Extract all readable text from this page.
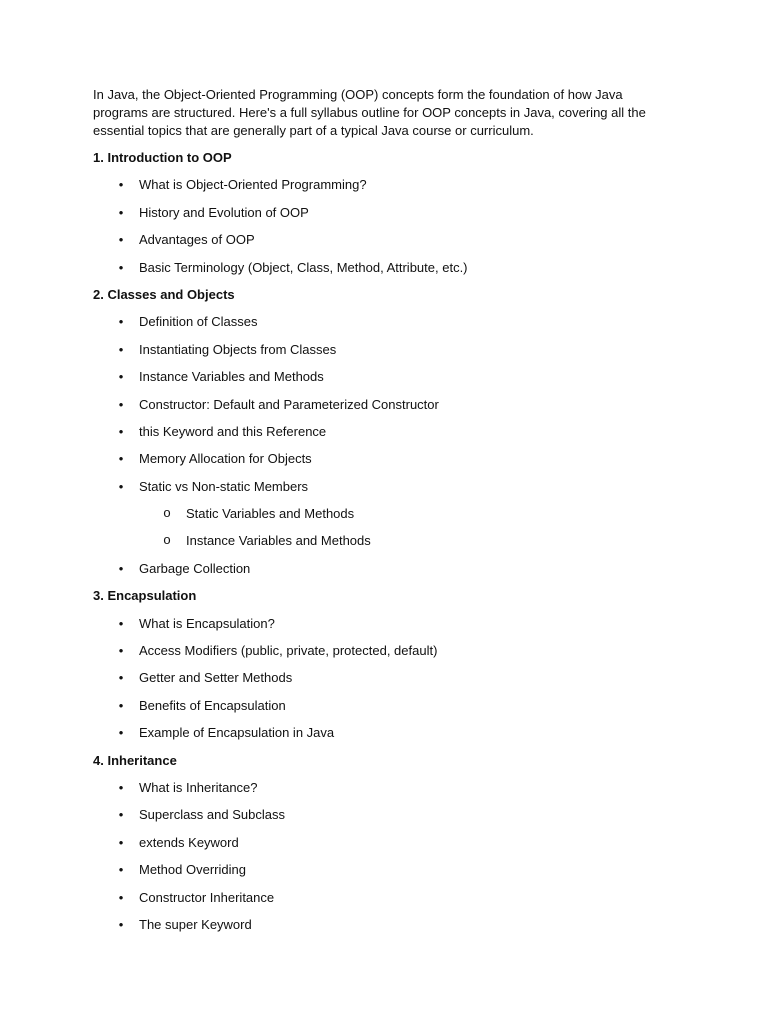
In Java, the Object-Oriented Programming (OOP) concepts form the foundation of how Java programs are structured. Here's a full syllabus outline for OOP concepts in Java, covering all the essential topics that are generally part of a typical Java course or curriculum.

1. Introduction to OOP

• What is Object-Oriented Programming?
• History and Evolution of OOP
• Advantages of OOP
• Basic Terminology (Object, Class, Method, Attribute, etc.)

2. Classes and Objects

• Definition of Classes
• Instantiating Objects from Classes
• Instance Variables and Methods
• Constructor: Default and Parameterized Constructor
• this Keyword and this Reference
• Memory Allocation for Objects
• Static vs Non-static Members
o Static Variables and Methods
o Instance Variables and Methods
• Garbage Collection

3. Encapsulation

• What is Encapsulation?
• Access Modifiers (public, private, protected, default)
• Getter and Setter Methods
• Benefits of Encapsulation
• Example of Encapsulation in Java

4. Inheritance

• What is Inheritance?
• Superclass and Subclass
• extends Keyword
• Method Overriding
• Constructor Inheritance
• The super Keyword
